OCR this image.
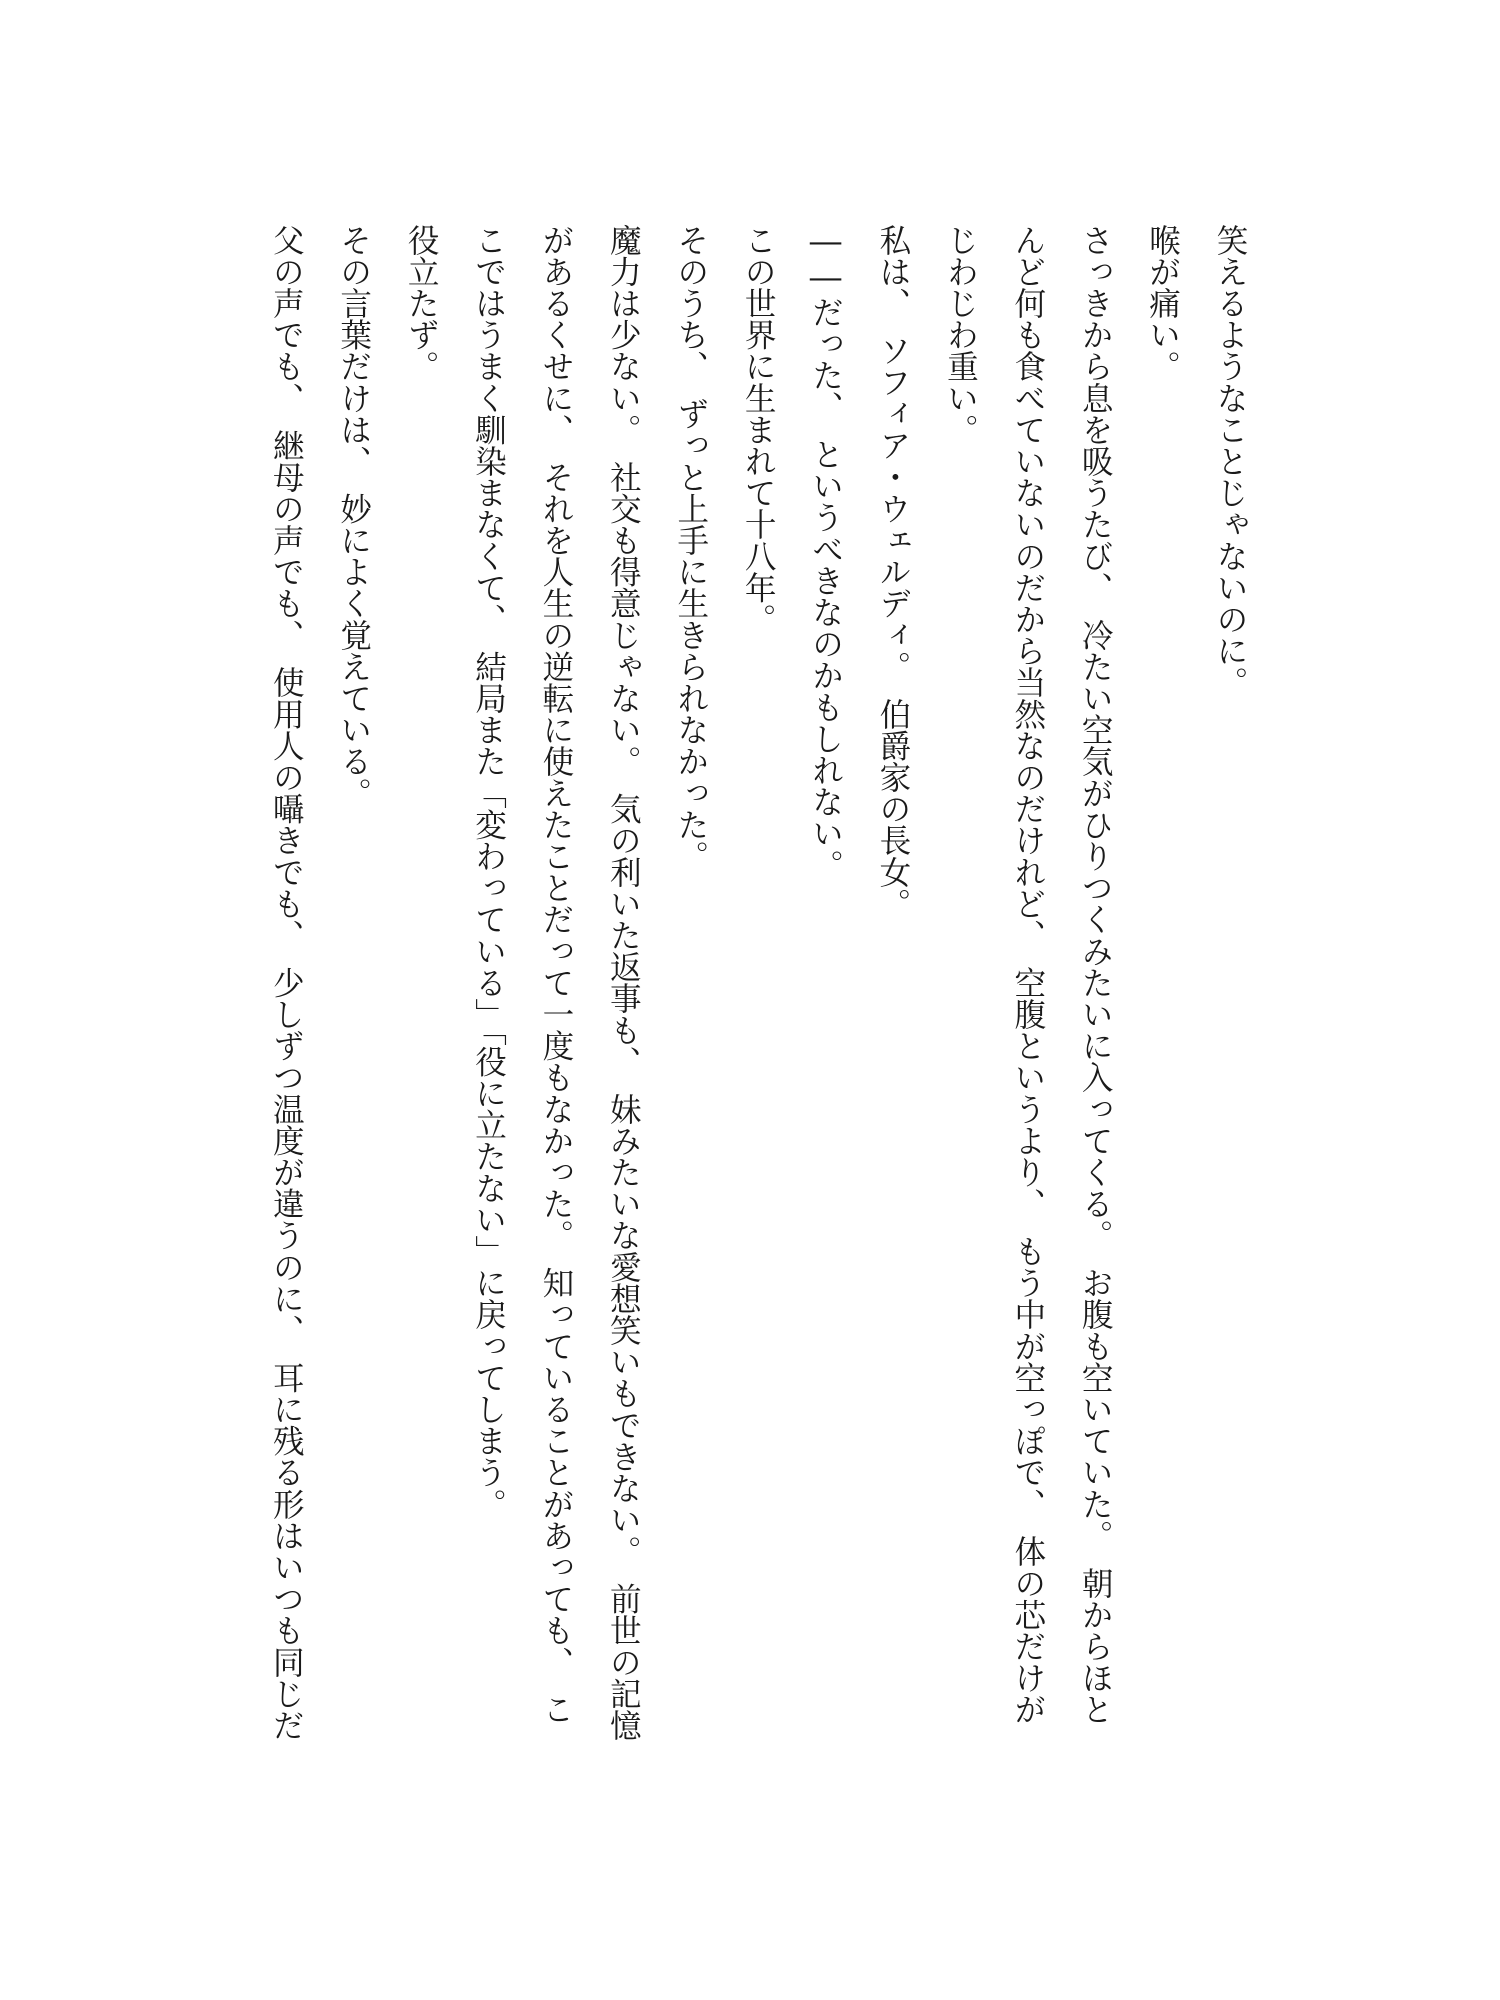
笑えるようなことじゃないのに。

喉が痛い。

さっきから息を吸うたび、　冷たい空気がひりつくみたいに入ってくる。　お腹も空いていた。　朝からほと

んど何も食べていないのだから当然なのだけれど、　空腹というより、　もう中が空っぽで、　体の芯だけが

じわじわ重い。

私は、　ソフィア・ウェルディ。　伯爵家の長女。

――だった、　というべきなのかもしれない。

この世界に生まれて十八年。

そのうち、　ずっと上手に生きられなかった。

魔力は少ない。　社交も得意じゃない。　気の利いた返事も、　妹みたいな愛想笑いもできない。　前世の記憶

があるくせに、　それを人生の逆転に使えたことだって一度もなかった。　知っていることがあっても、　こ

こではうまく馴染まなくて、　結局また「変わっている」「役に立たない」に戻ってしまう。

役立たず。

その言葉だけは、　妙によく覚えている。

父の声でも、　継母の声でも、　使用人の囁きでも、　少しずつ温度が違うのに、　耳に残る形はいつも同じだ
